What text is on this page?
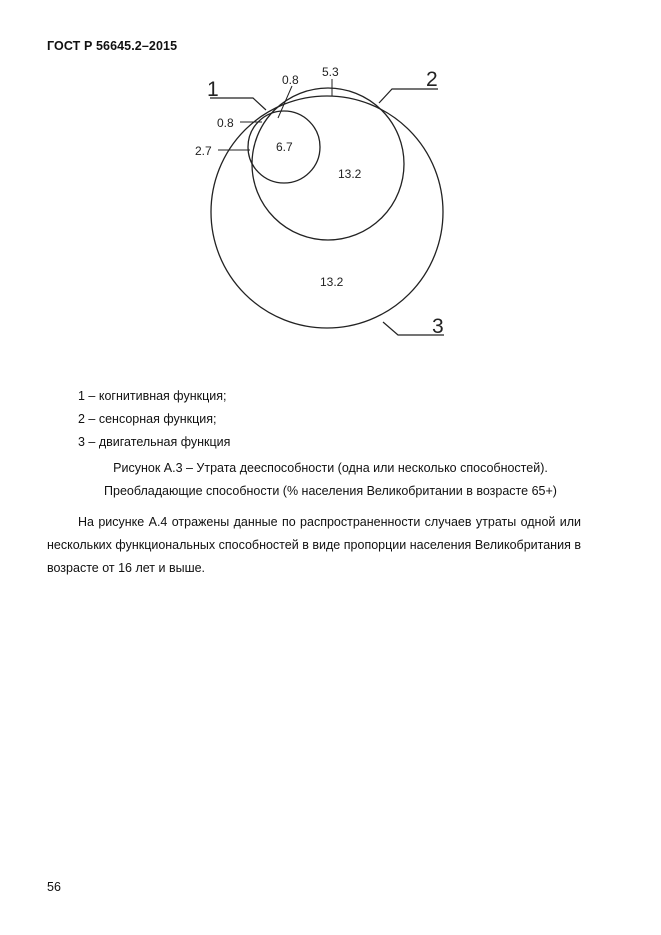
ГОСТ Р 56645.2–2015
1	2
3
0.8
5.3
0.8
2.7	6.7
13.2
13.2
1 – когнитивная функция;
2 – сенсорная функция;
3 – двигательная функция
Рисунок А.3 – Утрата дееспособности (одна или несколько способностей).
Преобладающие способности (% населения Великобритании в возрасте 65+)
На рисунке А.4 отражены данные по распространенности случаев утраты одной или нескольких функциональных способностей в виде пропорции населения Великобритания в возрасте от 16 лет и выше.
56
